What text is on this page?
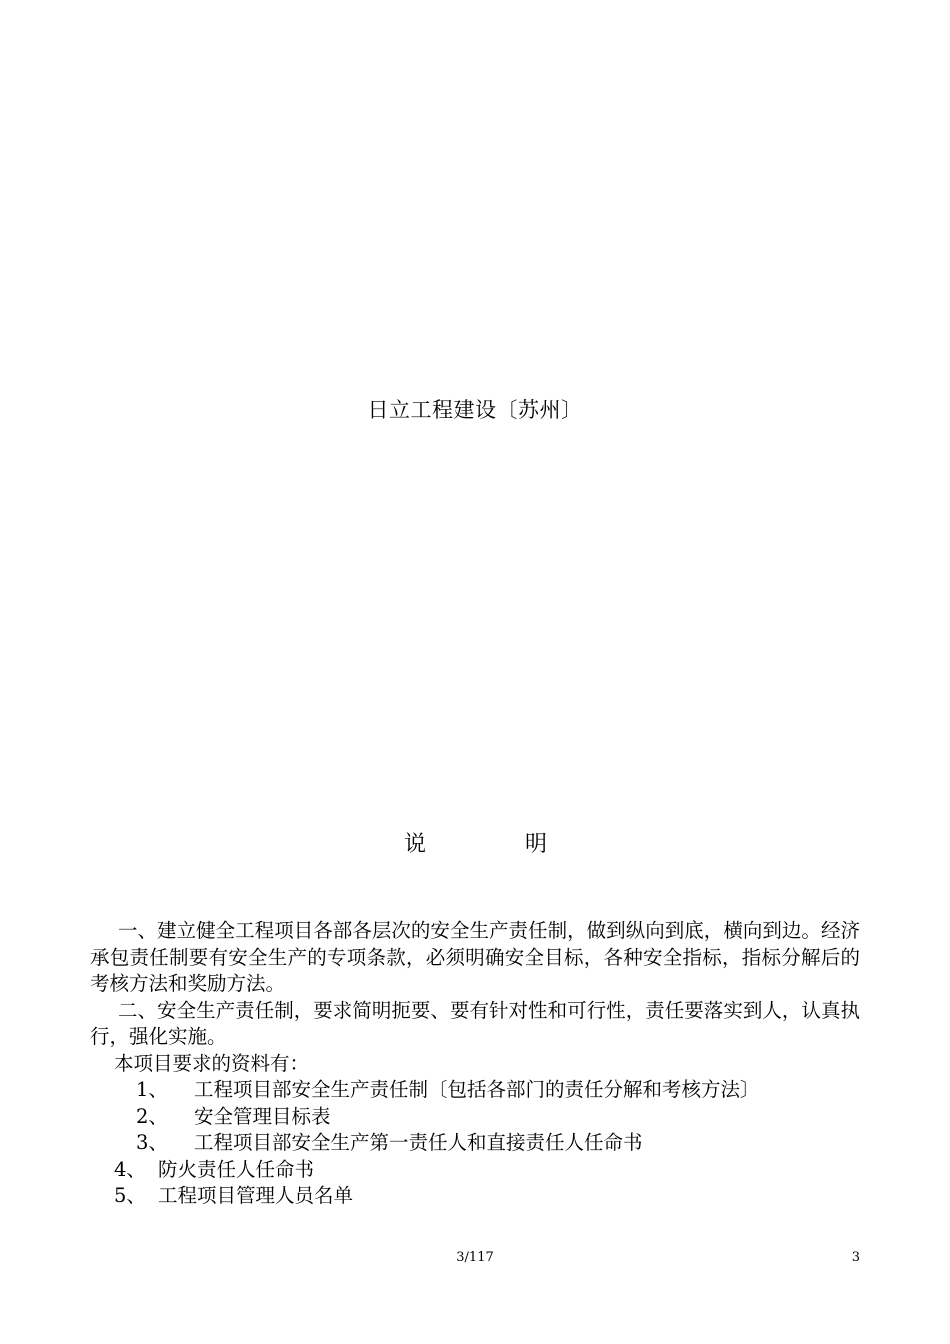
日立工程建设〔苏州〕
说	明

一、建立健全工程项目各部各层次的安全生产责任制，做到纵向到底，横向到边。经济承包责任制要有安全生产的专项条款，必须明确安全目标，各种安全指标，指标分解后的考核方法和奖励方法。

二、安全生产责任制，要求简明扼要、要有针对性和可行性，责任要落实到人，认真执行，强化实施。

本项目要求的资料有：

1、 工程项目部安全生产责任制〔包括各部门的责任分解和考核方法〕

2、 安全管理目标表

3、 工程项目部安全生产第一责任人和直接责任人任命书

4、 防火责任人任命书

5、 工程项目管理人员名单

3/117	3
